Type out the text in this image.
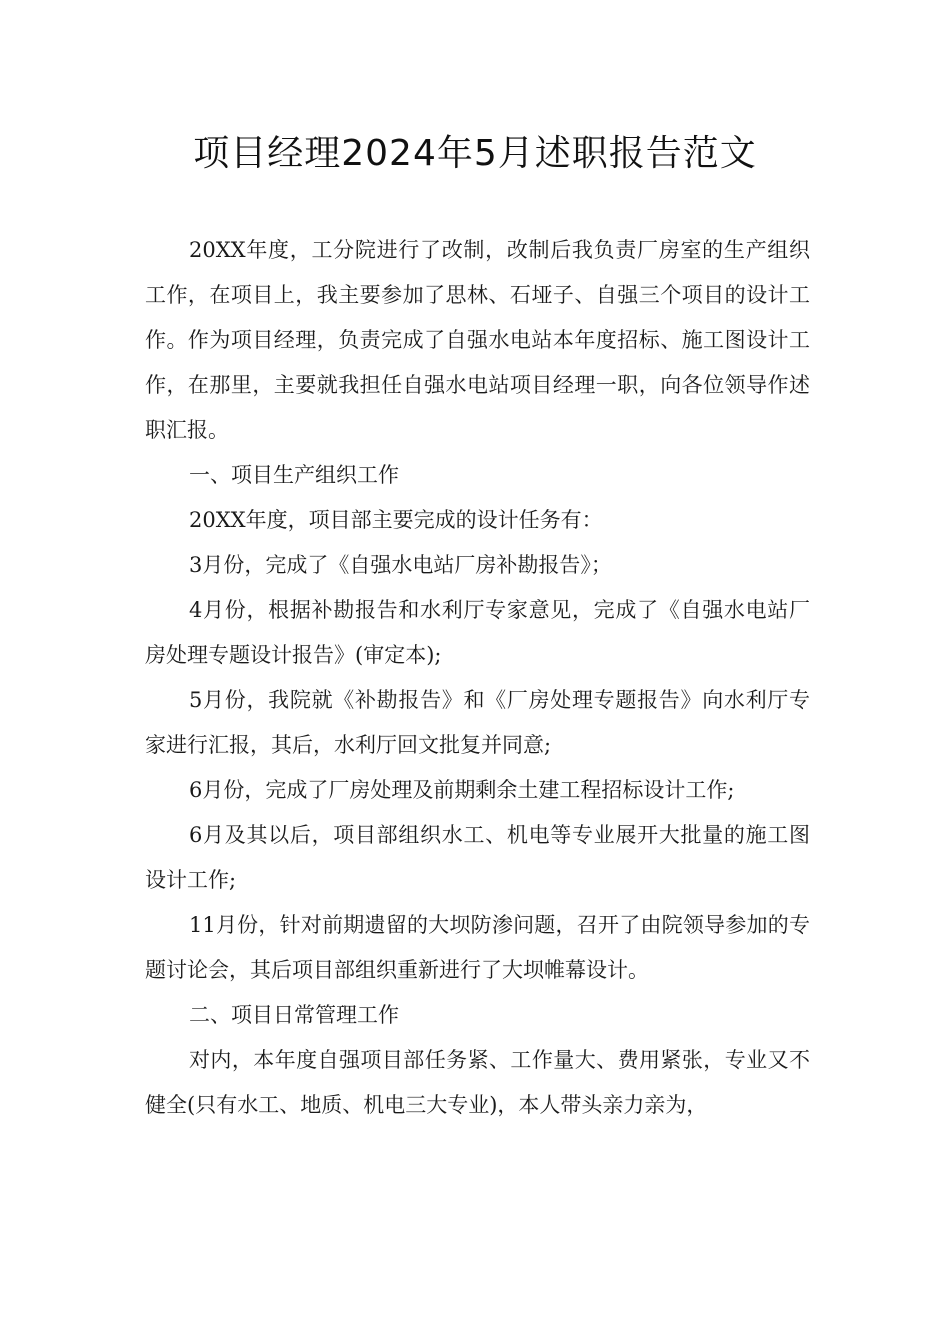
项目经理2024年5月述职报告范文

20XX年度，工分院进行了改制，改制后我负责厂房室的生产组织工作，在项目上，我主要参加了思林、石垭子、自强三个项目的设计工作。作为项目经理，负责完成了自强水电站本年度招标、施工图设计工作，在那里，主要就我担任自强水电站项目经理一职，向各位领导作述职汇报。

一、项目生产组织工作

20XX年度，项目部主要完成的设计任务有：

3月份，完成了《自强水电站厂房补勘报告》；

4月份，根据补勘报告和水利厅专家意见，完成了《自强水电站厂房处理专题设计报告》(审定本);

5月份，我院就《补勘报告》和《厂房处理专题报告》向水利厅专家进行汇报，其后，水利厅回文批复并同意;

6月份，完成了厂房处理及前期剩余土建工程招标设计工作;

6月及其以后，项目部组织水工、机电等专业展开大批量的施工图设计工作;

11月份，针对前期遗留的大坝防渗问题，召开了由院领导参加的专题讨论会，其后项目部组织重新进行了大坝帷幕设计。

二、项目日常管理工作

对内，本年度自强项目部任务紧、工作量大、费用紧张，专业又不健全(只有水工、地质、机电三大专业)，本人带头亲力亲为，
